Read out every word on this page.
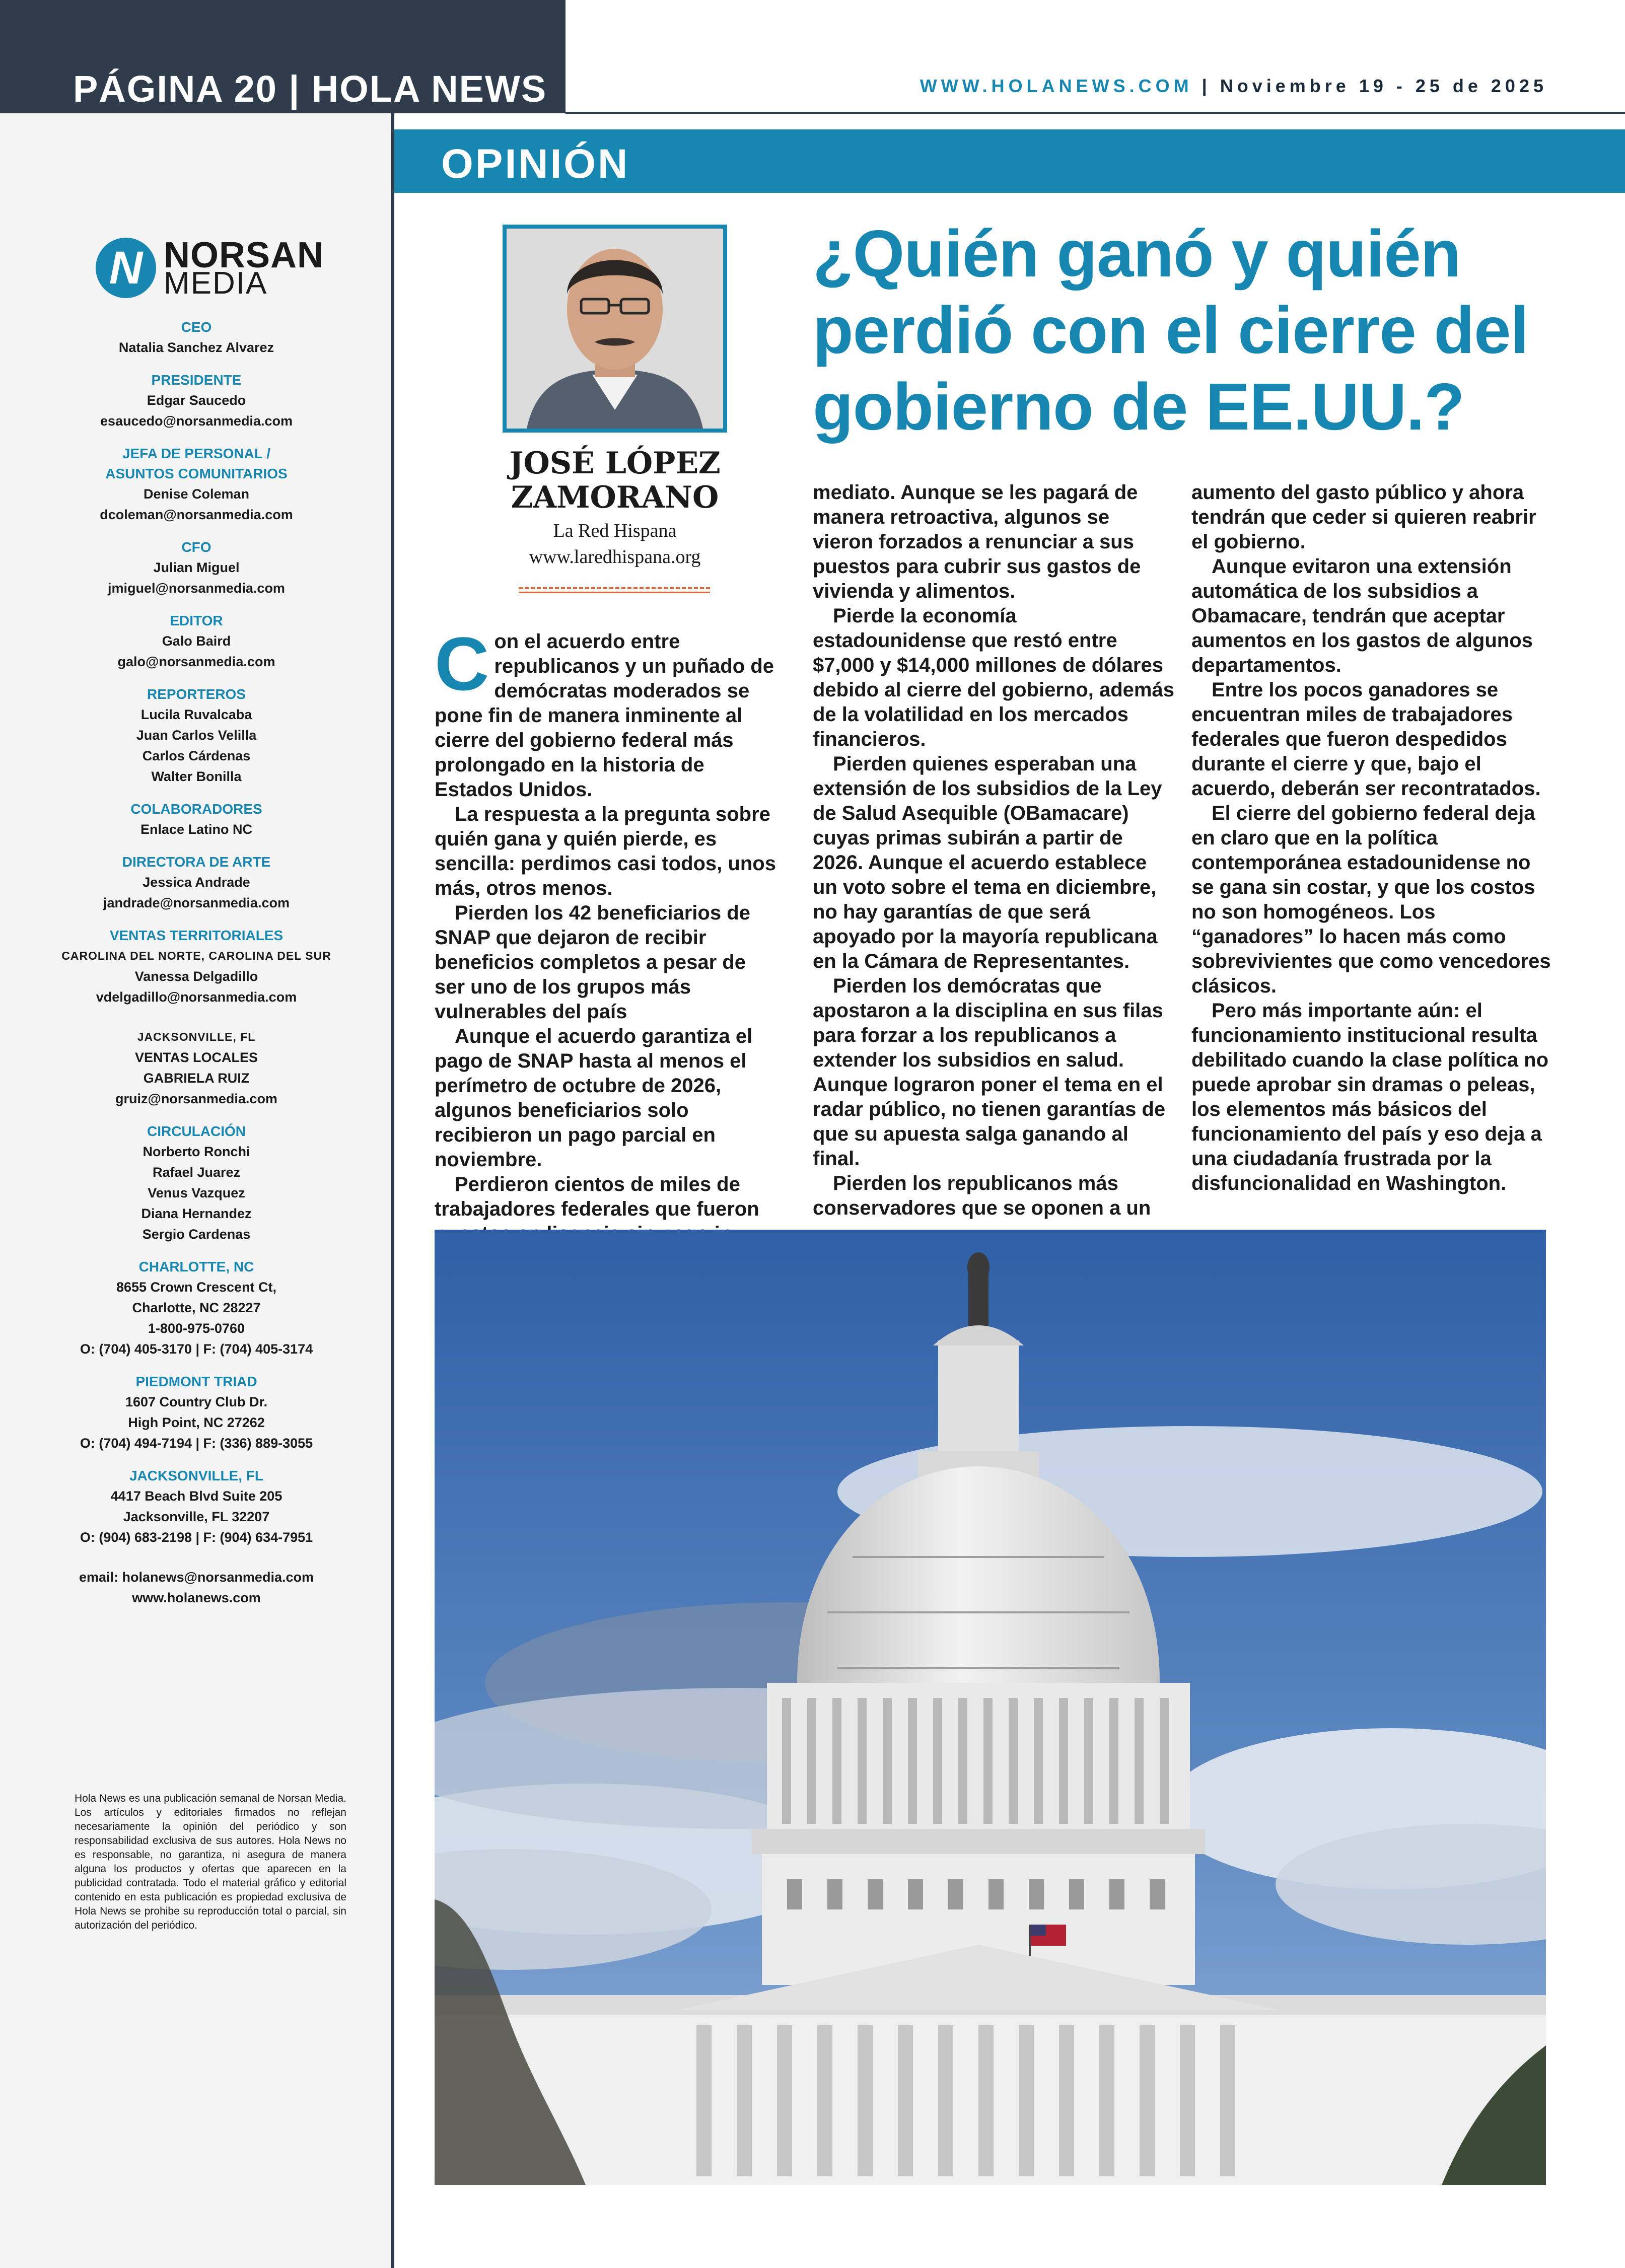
PÁGINA 20 | HOLA NEWS	WWW.HOLANEWS.COM | Noviembre 19 - 25 de 2025
N NORSAN
MEDIA
CEO
Natalia Sanchez Alvarez
PRESIDENTE
Edgar Saucedo
esaucedo@norsanmedia.com
JEFA DE PERSONAL /
ASUNTOS COMUNITARIOS
Denise Coleman
dcoleman@norsanmedia.com
CFO
Julian Miguel
jmiguel@norsanmedia.com
EDITOR
Galo Baird
galo@norsanmedia.com
REPORTEROS
Lucila Ruvalcaba
Juan Carlos Velilla
Carlos Cárdenas
Walter Bonilla
COLABORADORES
Enlace Latino NC
DIRECTORA DE ARTE
Jessica Andrade
jandrade@norsanmedia.com
VENTAS TERRITORIALES
CAROLINA DEL NORTE, CAROLINA DEL SUR
Vanessa Delgadillo
vdelgadillo@norsanmedia.com
JACKSONVILLE, FL
VENTAS LOCALES
GABRIELA RUIZ
gruiz@norsanmedia.com
CIRCULACIÓN
Norberto Ronchi
Rafael Juarez
Venus Vazquez
Diana Hernandez
Sergio Cardenas
CHARLOTTE, NC
8655 Crown Crescent Ct,
Charlotte, NC 28227
1-800-975-0760
O: (704) 405-3170 | F: (704) 405-3174
PIEDMONT TRIAD
1607 Country Club Dr.
High Point, NC 27262
O: (704) 494-7194 | F: (336) 889-3055
JACKSONVILLE, FL
4417 Beach Blvd Suite 205
Jacksonville, FL 32207
O: (904) 683-2198 | F: (904) 634-7951
email: holanews@norsanmedia.com
www.holanews.com
Hola News es una publicación semanal de Norsan Media. Los artículos y editoriales firmados no reflejan necesariamente la opinión del periódico y son responsabilidad exclusiva de sus autores. Hola News no es responsable, no garantiza, ni asegura de manera alguna los productos y ofertas que aparecen en la publicidad contratada. Todo el material gráfico y editorial contenido en esta publicación es propiedad exclusiva de Hola News se prohibe su reproducción total o parcial, sin autorización del periódico.
OPINIÓN
JOSÉ LÓPEZ
ZAMORANO
La Red Hispana
www.laredhispana.org
¿Quién ganó y quién perdió con el cierre del gobierno de EE.UU.?
C on el acuerdo entre republicanos y un puñado de demócratas moderados se pone fin de manera inminente al cierre del gobierno federal más prolongado en la historia de Estados Unidos.

La respuesta a la pregunta sobre quién gana y quién pierde, es sencilla: perdimos casi todos, unos más, otros menos.

Pierden los 42 beneficiarios de SNAP que dejaron de recibir beneficios completos a pesar de ser uno de los grupos más vulnerables del país

Aunque el acuerdo garantiza el pago de SNAP hasta al menos el perímetro de octubre de 2026, algunos beneficiarios solo recibieron un pago parcial en noviembre.

Perdieron cientos de miles de trabajadores federales que fueron

mediato. Aunque se les pagará de manera retroactiva, algunos se vieron forzados a renunciar a sus puestos para cubrir sus gastos de vivienda y alimentos.

Pierde la economía estadounidense que restó entre $7,000 y $14,000 millones de dólares debido al cierre del gobierno, además de la volatilidad en los mercados financieros.

Pierden quienes esperaban una extensión de los subsidios de la Ley de Salud Asequible (OBamacare) cuyas primas subirán a partir de 2026. Aunque el acuerdo establece un voto sobre el tema en diciembre, no hay garantías de que será apoyado por la mayoría republicana en la Cámara de Representantes.

Pierden los demócratas que apostaron a la disciplina en sus filas para forzar a los republicanos a extender los subsidios en salud. Aunque lograron poner el tema en el radar público, no tienen garantías de que su apuesta salga ganando al final.

Pierden los republicanos más conservadores que se oponen a un

aumento del gasto público y ahora tendrán que ceder si quieren reabrir el gobierno.

Aunque evitaron una extensión automática de los subsidios a Obamacare, tendrán que aceptar aumentos en los gastos de algunos departamentos.

Entre los pocos ganadores se encuentran miles de trabajadores federales que fueron despedidos durante el cierre y que, bajo el acuerdo, deberán ser recontratados.

El cierre del gobierno federal deja en claro que en la política contemporánea estadounidense no se gana sin costar, y que los costos no son homogéneos. Los “ganadores” lo hacen más como sobrevivientes que como vencedores clásicos.

Pero más importante aún: el funcionamiento institucional resulta debilitado cuando la clase política no puede aprobar sin dramas o peleas, los elementos más básicos del funcionamiento del país y eso deja a una ciudadanía frustrada por la disfuncionalidad en Washington.
